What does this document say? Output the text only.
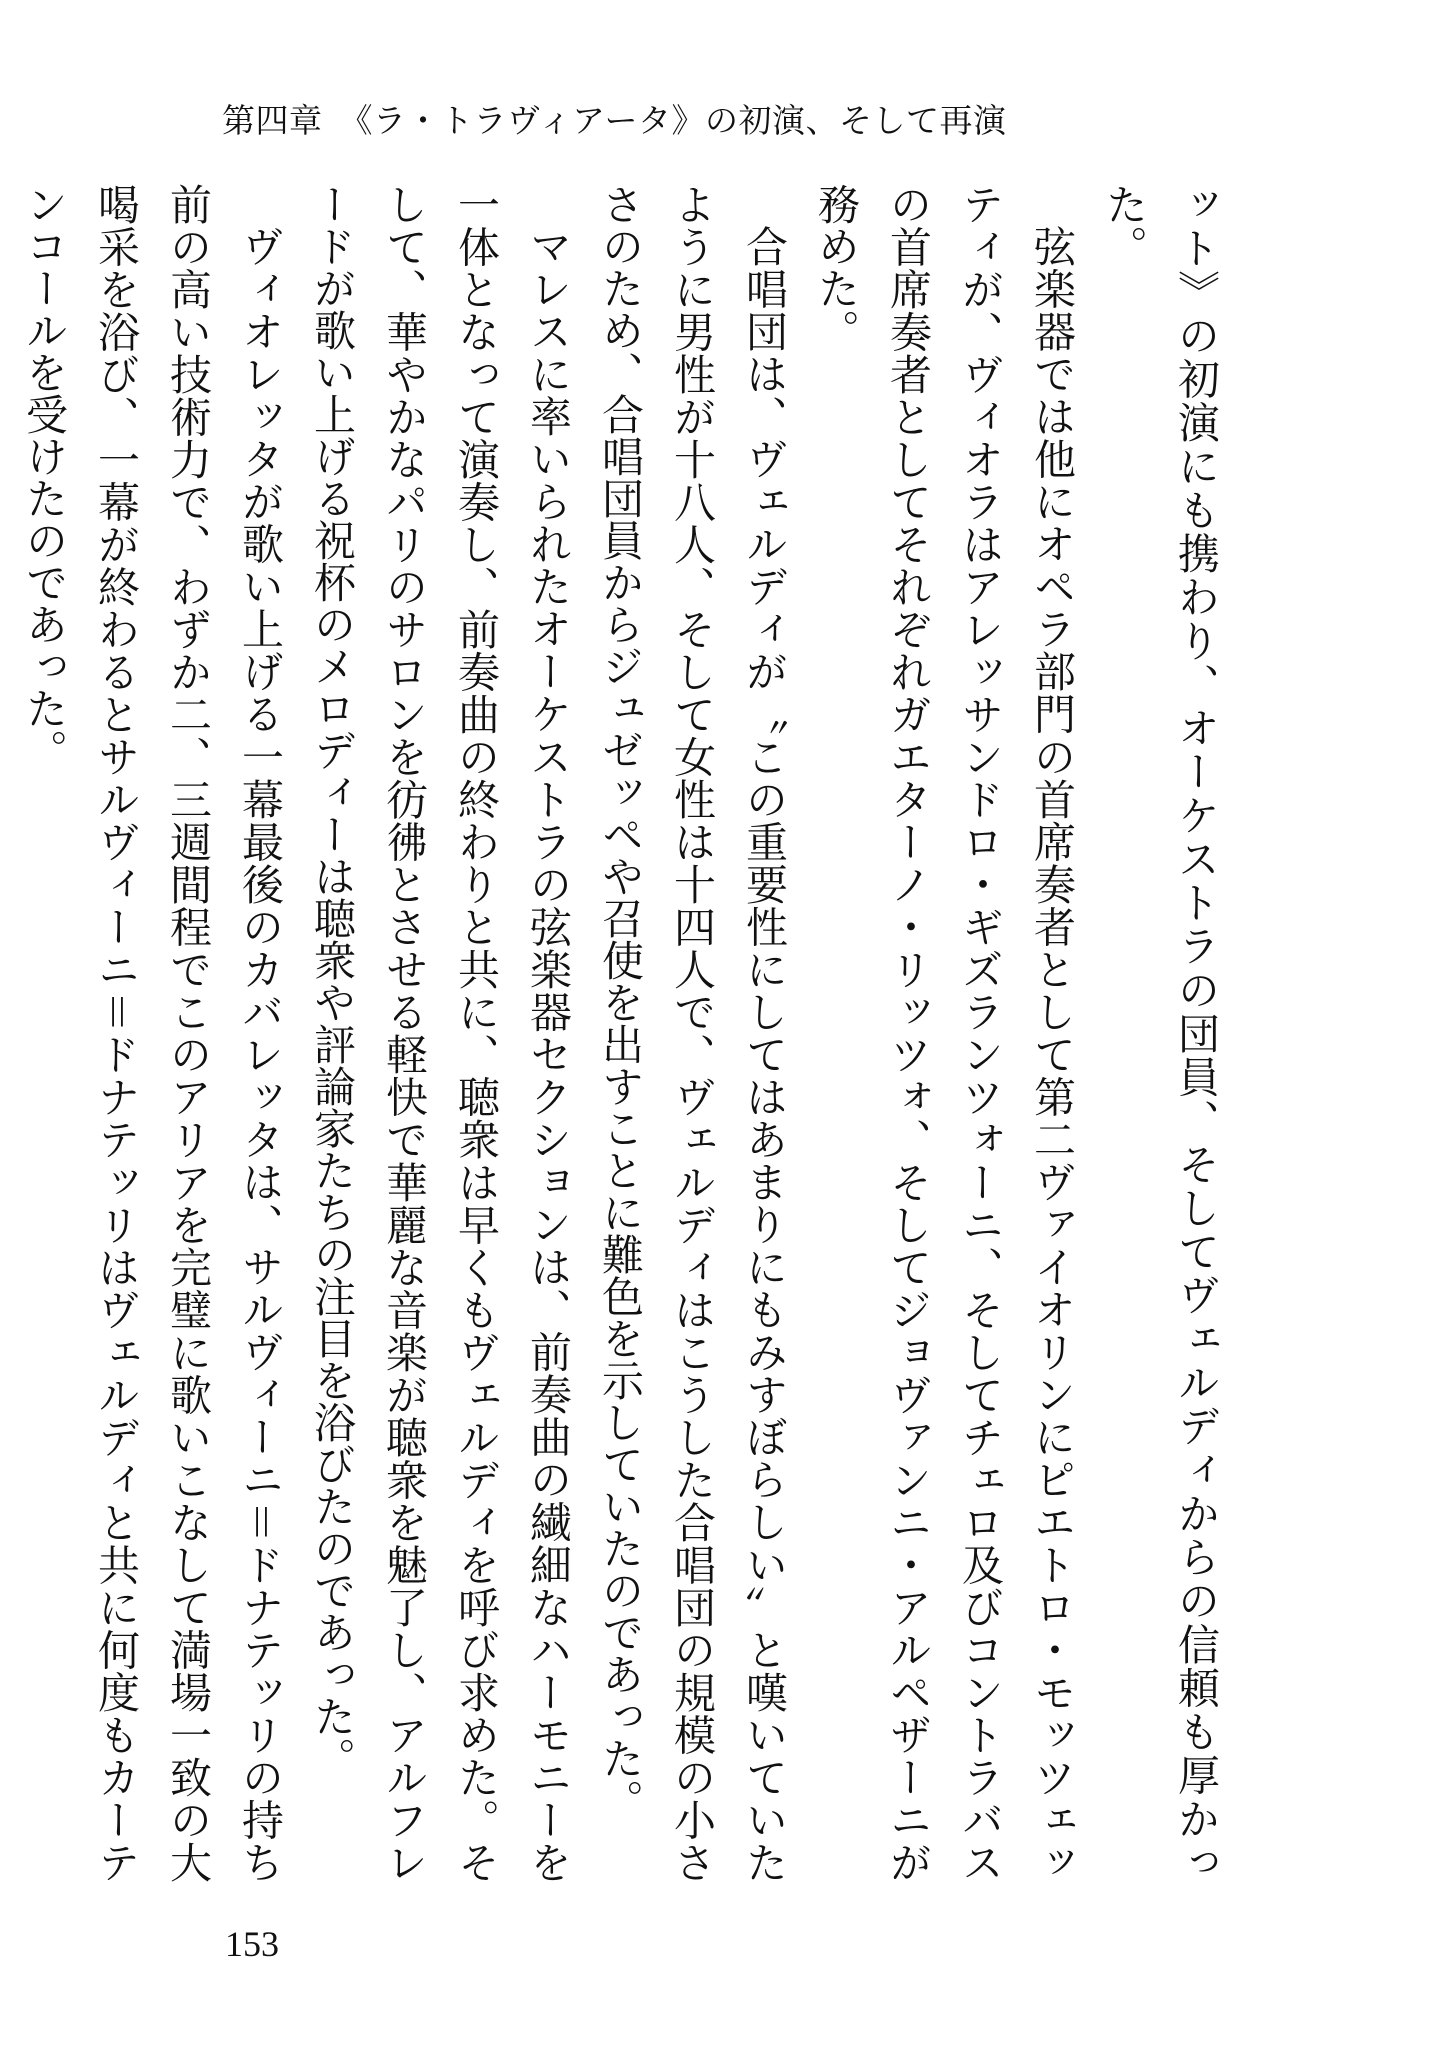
第四章　《ラ・トラヴィアータ》の初演、そして再演

ット》の初演にも携わり、オーケストラの団員、そしてヴェルディからの信頼も厚かった。

弦楽器では他にオペラ部門の首席奏者として第二ヴァイオリンにピエトロ・モッツェッティが、ヴィオラはアレッサンドロ・ギズランツォーニ、そしてチェロ及びコントラバスの首席奏者としてそれぞれガエターノ・リッツォ、そしてジョヴァンニ・アルペザーニが務めた。

合唱団は、ヴェルディが〝この重要性にしてはあまりにもみすぼらしい〟と嘆いていたように男性が十八人、そして女性は十四人で、ヴェルディはこうした合唱団の規模の小ささのため、合唱団員からジュゼッペや召使を出すことに難色を示していたのであった。

マレスに率いられたオーケストラの弦楽器セクションは、前奏曲の繊細なハーモニーを一体となって演奏し、前奏曲の終わりと共に、聴衆は早くもヴェルディを呼び求めた。そして、華やかなパリのサロンを彷彿とさせる軽快で華麗な音楽が聴衆を魅了し、アルフレードが歌い上げる祝杯のメロディーは聴衆や評論家たちの注目を浴びたのであった。

ヴィオレッタが歌い上げる一幕最後のカバレッタは、サルヴィーニ＝ドナテッリの持ち前の高い技術力で、わずか二、三週間程でこのアリアを完璧に歌いこなして満場一致の大喝采を浴び、一幕が終わるとサルヴィーニ＝ドナテッリはヴェルディと共に何度もカーテンコールを受けたのであった。

153
